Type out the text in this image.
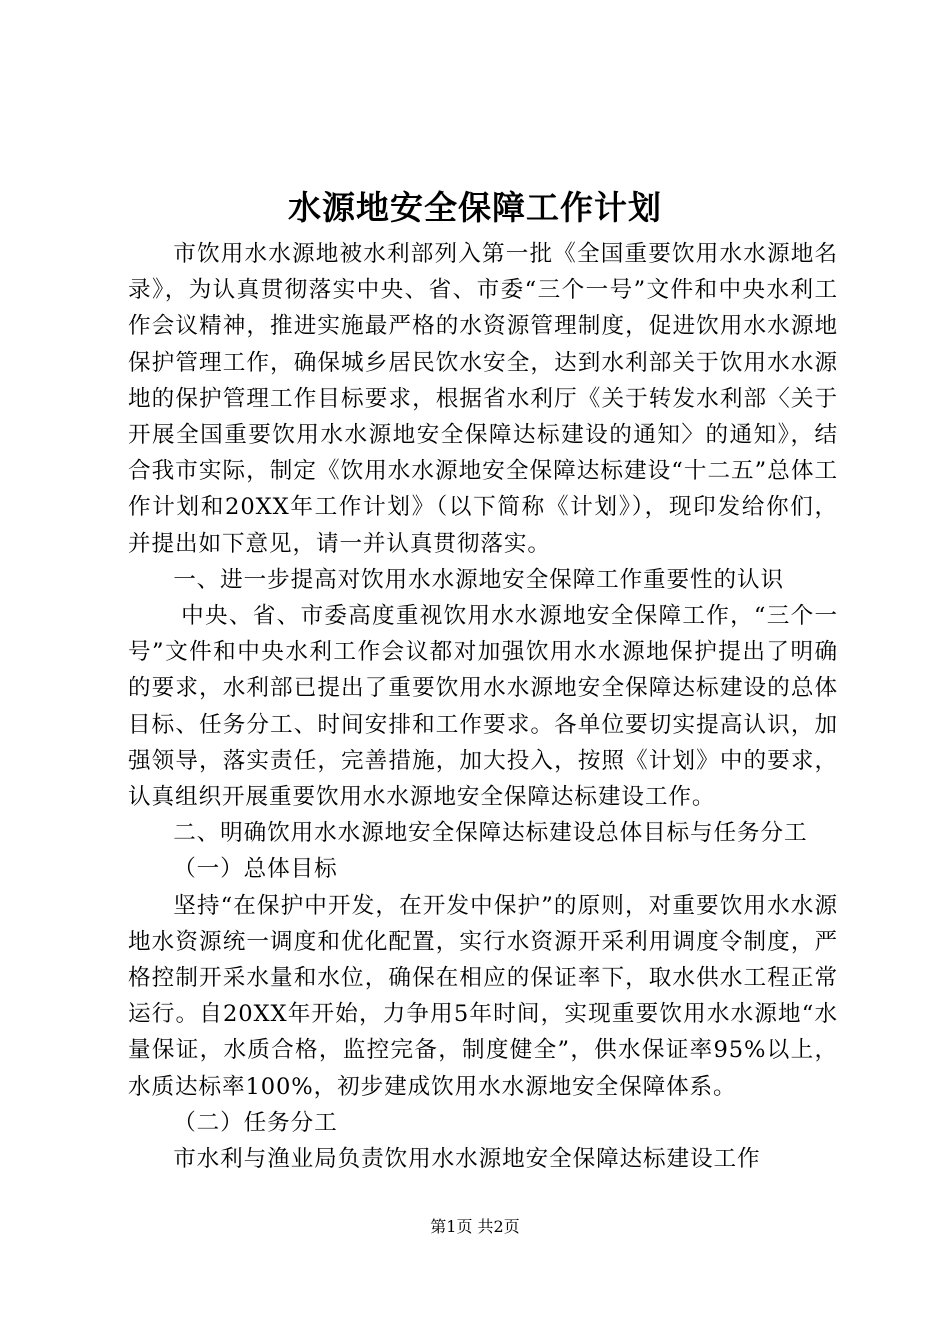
水源地安全保障工作计划

市饮用水水源地被水利部列入第一批《全国重要饮用水水源地名录》，为认真贯彻落实中央、省、市委“三个一号”文件和中央水利工作会议精神，推进实施最严格的水资源管理制度，促进饮用水水源地保护管理工作，确保城乡居民饮水安全，达到水利部关于饮用水水源地的保护管理工作目标要求，根据省水利厅《关于转发水利部〈关于开展全国重要饮用水水源地安全保障达标建设的通知〉的通知》，结合我市实际，制定《饮用水水源地安全保障达标建设“十二五”总体工作计划和20XX年工作计划》（以下简称《计划》），现印发给你们，并提出如下意见，请一并认真贯彻落实。

一、进一步提高对饮用水水源地安全保障工作重要性的认识

中央、省、市委高度重视饮用水水源地安全保障工作，“三个一号”文件和中央水利工作会议都对加强饮用水水源地保护提出了明确的要求，水利部已提出了重要饮用水水源地安全保障达标建设的总体目标、任务分工、时间安排和工作要求。各单位要切实提高认识，加强领导，落实责任，完善措施，加大投入，按照《计划》中的要求，认真组织开展重要饮用水水源地安全保障达标建设工作。

二、明确饮用水水源地安全保障达标建设总体目标与任务分工

（一）总体目标

坚持“在保护中开发，在开发中保护”的原则，对重要饮用水水源地水资源统一调度和优化配置，实行水资源开采利用调度令制度，严格控制开采水量和水位，确保在相应的保证率下，取水供水工程正常运行。自20XX年开始，力争用5年时间，实现重要饮用水水源地“水量保证，水质合格，监控完备，制度健全”，供水保证率95%以上，水质达标率100%，初步建成饮用水水源地安全保障体系。

（二）任务分工

市水利与渔业局负责饮用水水源地安全保障达标建设工作

第1页 共2页
